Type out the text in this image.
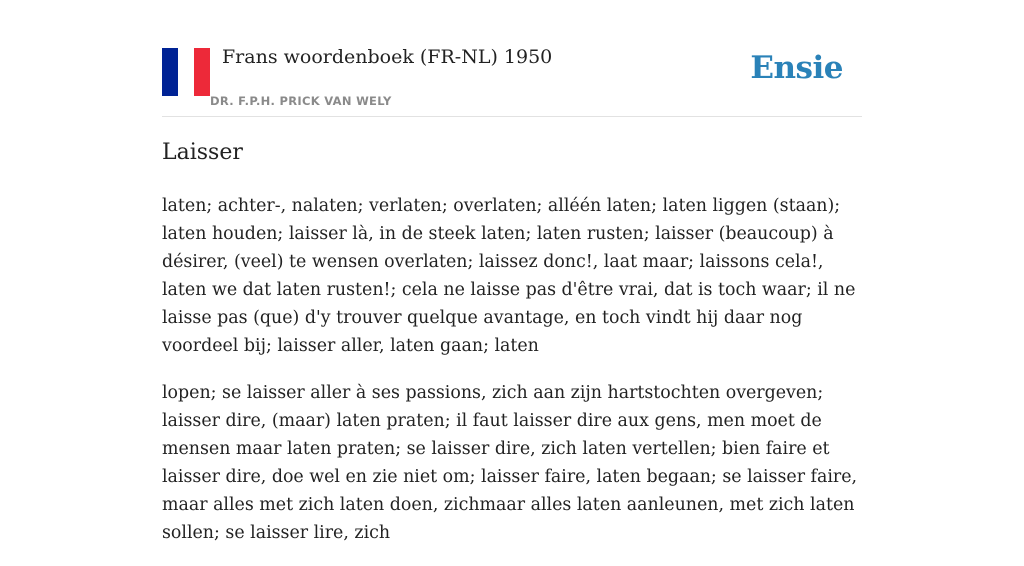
Frans woordenboek (FR-NL) 1950
DR. F.P.H. PRICK VAN WELY
Ensie
Laisser

laten; achter-, nalaten; verlaten; overlaten; alléén laten; laten liggen (staan); laten houden; laisser là, in de steek laten; laten rusten; laisser (beaucoup) à désirer, (veel) te wensen overlaten; laissez donc!, laat maar; laissons cela!, laten we dat laten rusten!; cela ne laisse pas d'être vrai, dat is toch waar; il ne laisse pas (que) d'y trouver quelque avantage, en toch vindt hij daar nog voordeel bij; laisser aller, laten gaan; laten

lopen; se laisser aller à ses passions, zich aan zijn hartstochten overgeven; laisser dire, (maar) laten praten; il faut laisser dire aux gens, men moet de mensen maar laten praten; se laisser dire, zich laten vertellen; bien faire et laisser dire, doe wel en zie niet om; laisser faire, laten begaan; se laisser faire, maar alles met zich laten doen, zichmaar alles laten aanleunen, met zich laten sollen; se laisser lire, zich
